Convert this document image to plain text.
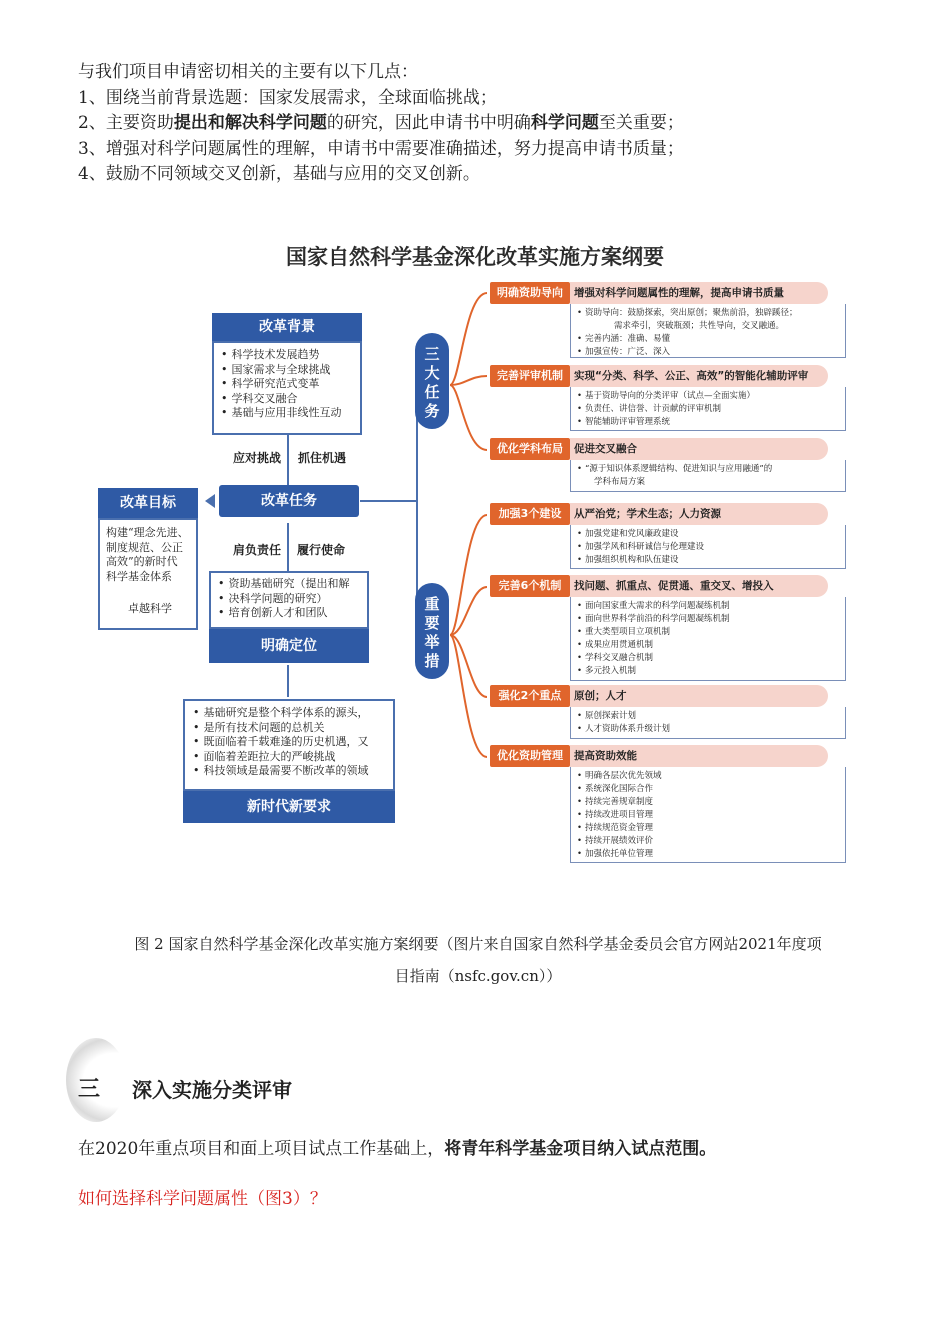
与我们项目申请密切相关的主要有以下几点：
1、围绕当前背景选题：国家发展需求，全球面临挑战；
2、主要资助提出和解决科学问题的研究，因此申请书中明确科学问题至关重要；
3、增强对科学问题属性的理解，申请书中需要准确描述，努力提高申请书质量；
4、鼓励不同领域交叉创新，基础与应用的交叉创新。
国家自然科学基金深化改革实施方案纲要
改革背景
• 科学技术发展趋势
• 国家需求与全球挑战
• 科学研究范式变革
• 学科交叉融合
• 基础与应用非线性互动
应对挑战 抓住机遇
改革任务
改革目标
构建“理念先进、
制度规范、公正
高效”的新时代
科学基金体系
卓越科学
肩负责任 履行使命
• 资助基础研究（提出和解
• 决科学问题的研究）
• 培育创新人才和团队
明确定位
• 基础研究是整个科学体系的源头，
• 是所有技术问题的总机关
• 既面临着千载难逢的历史机遇，又
• 面临着差距拉大的严峻挑战
• 科技领域是最需要不断改革的领域
新时代新要求
三大任务
重要举措
明确资助导向	增强对科学问题属性的理解，提高申请书质量
• 资助导向：鼓励探索，突出原创；聚焦前沿，独辟蹊径；
需求牵引，突破瓶颈；共性导向，交叉融通。
• 完善内涵：准确、易懂
• 加强宣传：广泛、深入
完善评审机制	实现“分类、科学、公正、高效”的智能化辅助评审
• 基于资助导向的分类评审（试点—全面实施）
• 负责任、讲信誉、计贡献的评审机制
• 智能辅助评审管理系统
优化学科布局	促进交叉融合
• “源于知识体系逻辑结构、促进知识与应用融通”的
学科布局方案
加强3个建设	从严治党；学术生态；人力资源
• 加强党建和党风廉政建设
• 加强学风和科研诚信与伦理建设
• 加强组织机构和队伍建设
完善6个机制	找问题、抓重点、促贯通、重交叉、增投入
• 面向国家重大需求的科学问题凝练机制
• 面向世界科学前沿的科学问题凝练机制
• 重大类型项目立项机制
• 成果应用贯通机制
• 学科交叉融合机制
• 多元投入机制
强化2个重点	原创；人才
• 原创探索计划
• 人才资助体系升级计划
优化资助管理	提高资助效能
• 明确各层次优先领域
• 系统深化国际合作
• 持续完善规章制度
• 持续改进项目管理
• 持续规范资金管理
• 持续开展绩效评价
• 加强依托单位管理
图 2 国家自然科学基金深化改革实施方案纲要（图片来自国家自然科学基金委员会官方网站2021年度项
目指南（nsfc.gov.cn））
三 深入实施分类评审
在2020年重点项目和面上项目试点工作基础上，将青年科学基金项目纳入试点范围。
如何选择科学问题属性（图3）？
